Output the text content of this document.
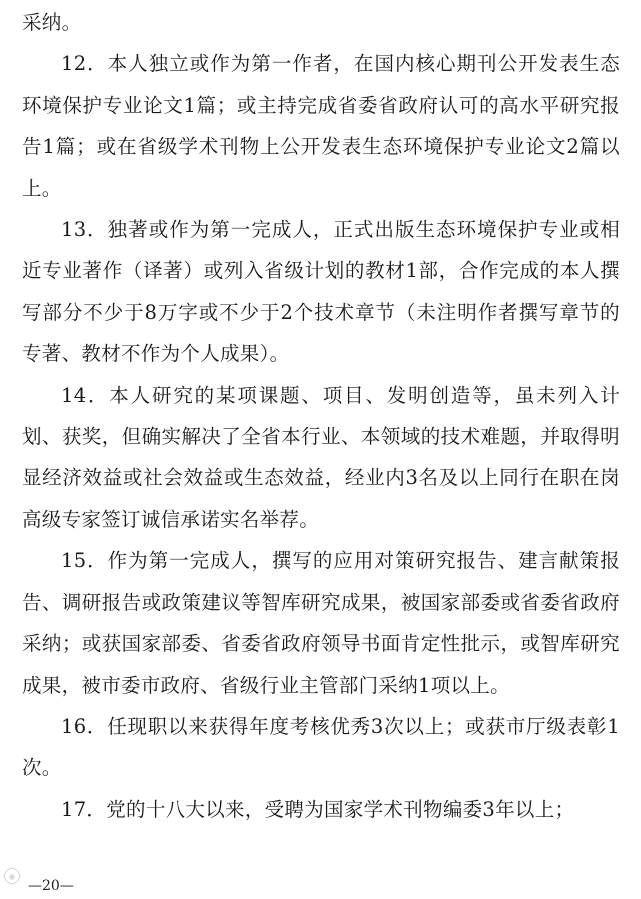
采纳。

12．本人独立或作为第一作者，在国内核心期刊公开发表生态环境保护专业论文1篇；或主持完成省委省政府认可的高水平研究报告1篇；或在省级学术刊物上公开发表生态环境保护专业论文2篇以上。

13．独著或作为第一完成人，正式出版生态环境保护专业或相近专业著作（译著）或列入省级计划的教材1部，合作完成的本人撰写部分不少于8万字或不少于2个技术章节（未注明作者撰写章节的专著、教材不作为个人成果）。

14．本人研究的某项课题、项目、发明创造等，虽未列入计划、获奖，但确实解决了全省本行业、本领域的技术难题，并取得明显经济效益或社会效益或生态效益，经业内3名及以上同行在职在岗高级专家签订诚信承诺实名举荐。

15．作为第一完成人，撰写的应用对策研究报告、建言献策报告、调研报告或政策建议等智库研究成果，被国家部委或省委省政府采纳；或获国家部委、省委省政府领导书面肯定性批示，或智库研究成果，被市委市政府、省级行业主管部门采纳1项以上。

16．任现职以来获得年度考核优秀3次以上；或获市厅级表彰1次。

17．党的十八大以来，受聘为国家学术刊物编委3年以上；

◉
—20—
